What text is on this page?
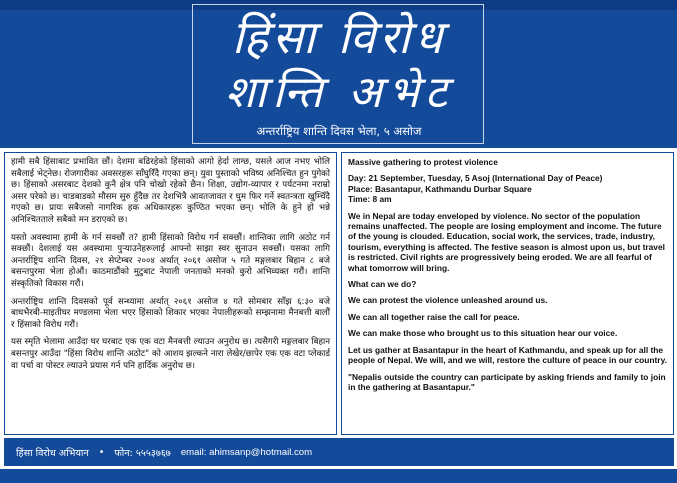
हिंसा विरोध
शान्ति अभेट
अन्तर्राष्ट्रिय शान्ति दिवस भेला, ५ असोज

हामी सबै हिंसाबाट प्रभावित छौं। देशमा बढिरहेको हिंसाको आगो हेर्दा लाग्छ, यसले आज नभए भोलि सबैलाई भेट्नेछ। रोजगारीका अवसरहरू साँघुरिँदै गएका छन्। युवा पुस्ताको भविष्य अनिश्चित हुन पुगेको छ। हिंसाको असरबाट देशको कुनै क्षेत्र पनि चोखो रहेको छैन। शिक्षा, उद्योग-व्यापार र पर्यटनमा नराम्रो असर परेको छ। चाडबाडको मौसम सुरु हुँदैछ तर देशभित्रै आवतजावत र घुम फिर गर्ने स्वतन्त्रता खुम्चिँदै गएको छ। प्रायः सबैजसो नागरिक हक अधिकारहरू कुण्ठित भएका छन्। भोलि के हुने हो भन्ने अनिश्चितताले सबैको मन डराएको छ।

यस्तो अवस्थामा हामी के गर्न सक्छौं त? हामी हिंसाको विरोध गर्न सक्छौं। शान्तिका लागि अठोट गर्न सक्छौं। देशलाई यस अवस्थामा पुऱ्याउनेहरूलाई आफ्नो साझा स्वर सुनाउन सक्छौं। यसका लागि अन्तर्राष्ट्रिय शान्ति दिवस, २१ सेप्टेम्बर २००४ अर्थात् २०६१ असोज ५ गते मङ्गलबार बिहान ८ बजे बसन्तपुरमा भेला होऔं। काठमाडौंको मुटुबाट नेपाली जनताको मनको कुरो अभिव्यक्त गरौं। शान्ति संस्कृतिको विकास गरौं।

अन्तर्राष्ट्रिय शान्ति दिवसको पूर्व सन्ध्यामा अर्थात् २०६१ असोज ४ गते सोमबार साँझ ६:३० बजे बाघभैरबी-माइतीघर मण्डलमा भेला भएर हिंसाको शिकार भएका नेपालीहरूको सम्झनामा मैनबत्ती बालौं र हिंसाको विरोध गरौं।

यस स्मृति भेलामा आउँदा घर घरबाट एक एक वटा मैनबत्ती ल्याउन अनुरोध छ। त्यसैगरी मङ्गलबार बिहान बसन्तपुर आउँदा "हिंसा विरोध शान्ति अठोट" को आशय झल्कने नारा लेखेर/छापेर एक एक वटा प्लेकार्ड वा पर्चा वा पोस्टर ल्याउने प्रयास गर्न पनि हार्दिक अनुरोध छ।

Massive gathering to protest violence

Day: 21 September, Tuesday, 5 Asoj (International Day of Peace)

Place: Basantapur, Kathmandu Durbar Square

Time: 8 am

We in Nepal are today enveloped by violence. No sector of the population remains unaffected. The people are losing employment and income. The future of the young is clouded. Education, social work, the services, trade, industry, tourism, everything is affected. The festive season is almost upon us, but travel is restricted. Civil rights are progressively being eroded. We are all fearful of what tomorrow will bring.

What can we do?

We can protest the violence unleashed around us.

We can all together raise the call for peace.

We can make those who brought us to this situation hear our voice.

Let us gather at Basantapur in the heart of Kathmandu, and speak up for all the people of Nepal. We will, and we will, restore the culture of peace in our country.

"Nepalis outside the country can participate by asking friends and family to join in the gathering at Basantapur."

हिंसा विरोध अभियान • फोन: ५५५३७६७ email: ahimsanp@hotmail.com
